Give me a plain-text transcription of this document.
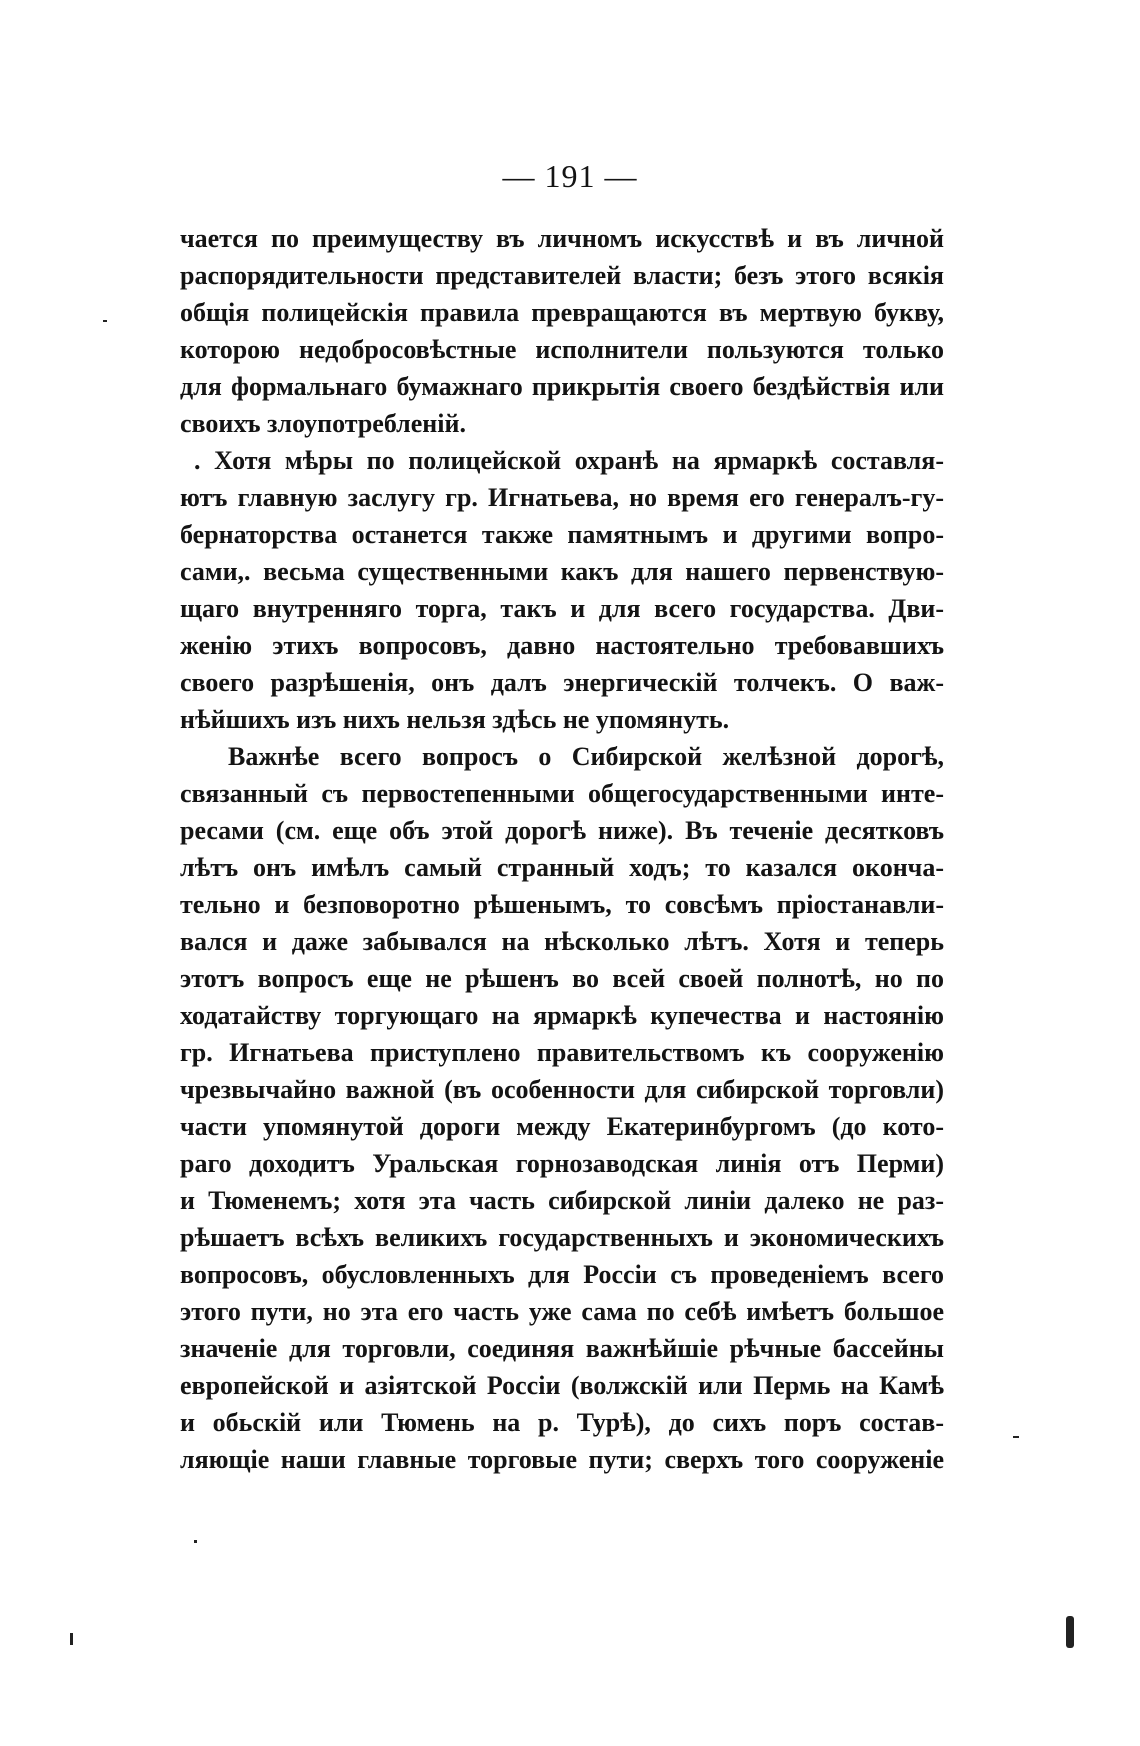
— 191 —
чается по преимуществу въ личномъ искусствѣ и въ личной
распорядительности представителей власти; безъ этого всякія
общія полицейскія правила превращаются въ мертвую букву,
которою недобросовѣстные исполнители пользуются только
для формальнаго бумажнаго прикрытія своего бездѣйствія или
своихъ злоупотребленій.
. Хотя мѣры по полицейской охранѣ на ярмаркѣ составля-
ютъ главную заслугу гр. Игнатьева, но время его генералъ-гу-
бернаторства останется также памятнымъ и другими вопро-
сами,. весьма существенными какъ для нашего первенствую-
щаго внутренняго торга, такъ и для всего государства. Дви-
женію этихъ вопросовъ, давно настоятельно требовавшихъ
своего разрѣшенія, онъ далъ энергическій толчекъ. О важ-
нѣйшихъ изъ нихъ нельзя здѣсь не упомянуть.
Важнѣе всего вопросъ о Сибирской желѣзной дорогѣ,
связанный съ первостепенными общегосударственными инте-
ресами (см. еще объ этой дорогѣ ниже). Въ теченіе десятковъ
лѣтъ онъ имѣлъ самый странный ходъ; то казался оконча-
тельно и безповоротно рѣшенымъ, то совсѣмъ пріостанавли-
вался и даже забывался на нѣсколько лѣтъ. Хотя и теперь
этотъ вопросъ еще не рѣшенъ во всей своей полнотѣ, но по
ходатайству торгующаго на ярмаркѣ купечества и настоянію
гр. Игнатьева приступлено правительствомъ къ сооруженію
чрезвычайно важной (въ особенности для сибирской торговли)
части упомянутой дороги между Екатеринбургомъ (до кото-
раго доходитъ Уральская горнозаводская линія отъ Перми)
и Тюменемъ; хотя эта часть сибирской линіи далеко не раз-
рѣшаетъ всѣхъ великихъ государственныхъ и экономическихъ
вопросовъ, обусловленныхъ для Россіи съ проведеніемъ всего
этого пути, но эта его часть уже сама по себѣ имѣетъ большое
значеніе для торговли, соединяя важнѣйшіе рѣчные бассейны
европейской и азіятской Россіи (волжскій или Пермь на Камѣ
и обьскій или Тюмень на р. Турѣ), до сихъ поръ состав-
ляющіе наши главные торговые пути; сверхъ того сооруженіе
